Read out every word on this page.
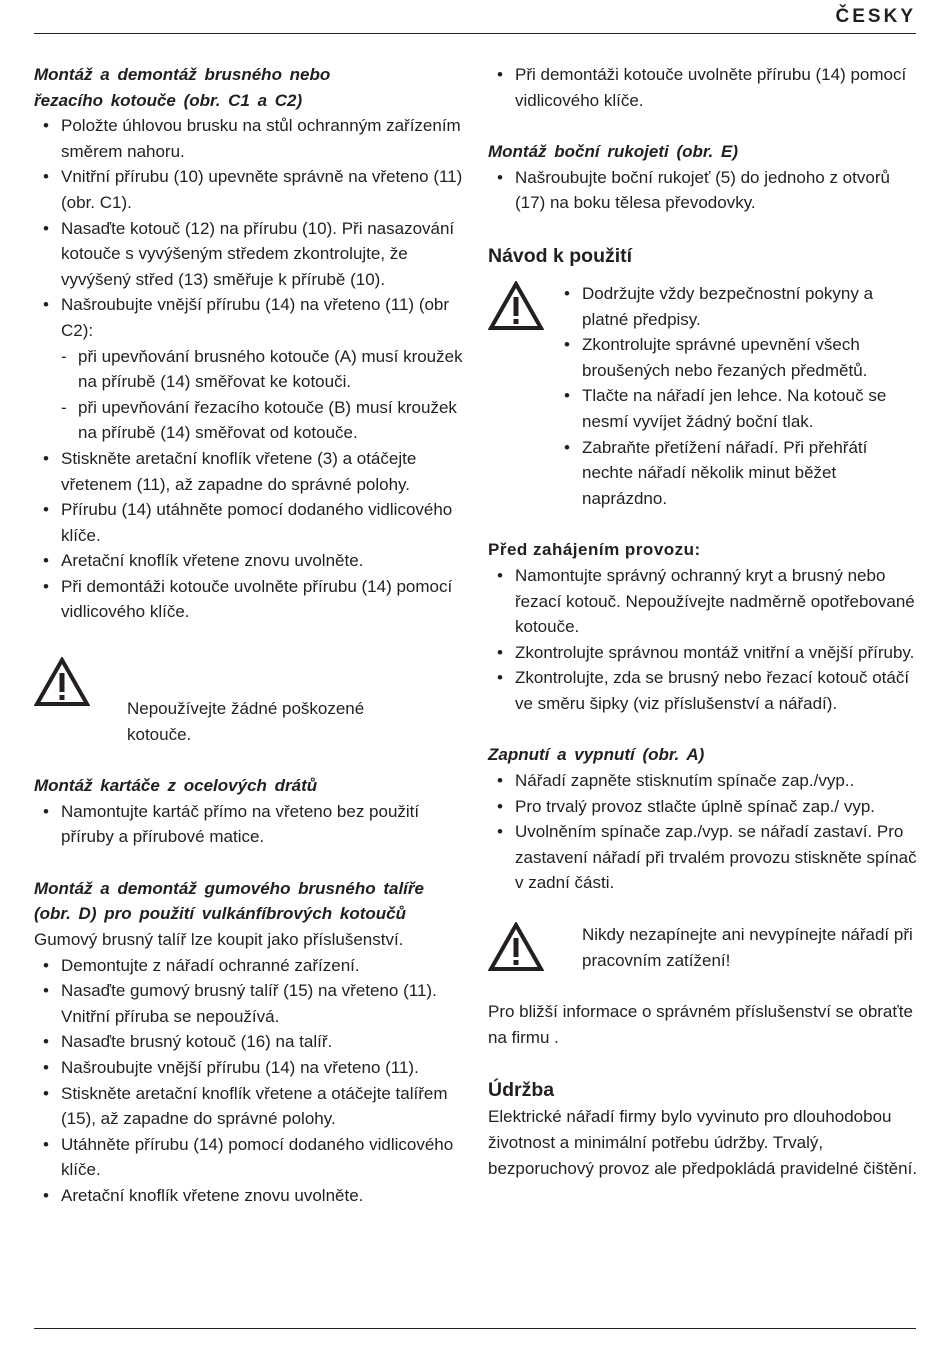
ČESKY
Montáž a demontáž brusného nebo
řezacího kotouče (obr. C1 a C2)
• Položte úhlovou brusku na stůl ochranným zařízením směrem nahoru.
• Vnitřní přírubu (10) upevněte správně na vřeteno (11) (obr. C1).
• Nasaďte kotouč (12) na přírubu (10). Při nasazování kotouče s vyvýšeným středem zkontrolujte, že vyvýšený střed (13) směřuje k přírubě (10).
• Našroubujte vnější přírubu (14) na vřeteno (11) (obr C2):
- při upevňování brusného kotouče (A) musí kroužek na přírubě (14) směřovat ke kotouči.
- při upevňování řezacího kotouče (B) musí kroužek na přírubě (14) směřovat od kotouče.
• Stiskněte aretační knoflík vřetene (3) a otáčejte vřetenem (11), až zapadne do správné polohy.
• Přírubu (14) utáhněte pomocí dodaného vidlicového klíče.
• Aretační knoflík vřetene znovu uvolněte.
• Při demontáži kotouče uvolněte přírubu (14) pomocí vidlicového klíče.
Nepoužívejte žádné poškozené kotouče.
Montáž kartáče z ocelových drátů
• Namontujte kartáč přímo na vřeteno bez použití příruby a přírubové matice.
Montáž a demontáž gumového brusného talíře
(obr. D) pro použití vulkánfíbrových kotoučů

Gumový brusný talíř lze koupit jako příslušenství.

• Demontujte z nářadí ochranné zařízení.
• Nasaďte gumový brusný talíř (15) na vřeteno (11). Vnitřní příruba se nepoužívá.
• Nasaďte brusný kotouč (16) na talíř.
• Našroubujte vnější přírubu (14) na vřeteno (11).
• Stiskněte aretační knoflík vřetene a otáčejte talířem (15), až zapadne do správné polohy.
• Utáhněte přírubu (14) pomocí dodaného vidlicového klíče.
• Aretační knoflík vřetene znovu uvolněte.
• Při demontáži kotouče uvolněte přírubu (14) pomocí vidlicového klíče.
Montáž boční rukojeti (obr. E)
• Našroubujte boční rukojeť (5) do jednoho z otvorů (17) na boku tělesa převodovky.
Návod k použití
• Dodržujte vždy bezpečnostní pokyny a platné předpisy.
• Zkontrolujte správné upevnění všech broušených nebo řezaných předmětů.
• Tlačte na nářadí jen lehce. Na kotouč se nesmí vyvíjet žádný boční tlak.
• Zabraňte přetížení nářadí. Při přehřátí nechte nářadí několik minut běžet naprázdno.
Před zahájením provozu:
• Namontujte správný ochranný kryt a brusný nebo řezací kotouč. Nepoužívejte nadměrně opotřebované kotouče.
• Zkontrolujte správnou montáž vnitřní a vnější příruby.
• Zkontrolujte, zda se brusný nebo řezací kotouč otáčí ve směru šipky (viz příslušenství a nářadí).
Zapnutí a vypnutí (obr. A)
• Nářadí zapněte stisknutím spínače zap./vyp..
• Pro trvalý provoz stlačte úplně spínač zap./ vyp.
• Uvolněním spínače zap./vyp. se nářadí zastaví. Pro zastavení nářadí při trvalém provozu stiskněte spínač v zadní části.
Nikdy nezapínejte ani nevypínejte nářadí při pracovním zatížení!

Pro bližší informace o správném příslušenství se obraťte na firmu .

Údržba

Elektrické nářadí firmy bylo vyvinuto pro dlouhodobou životnost a minimální potřebu údržby. Trvalý, bezporuchový provoz ale předpokládá pravidelné čištění.
